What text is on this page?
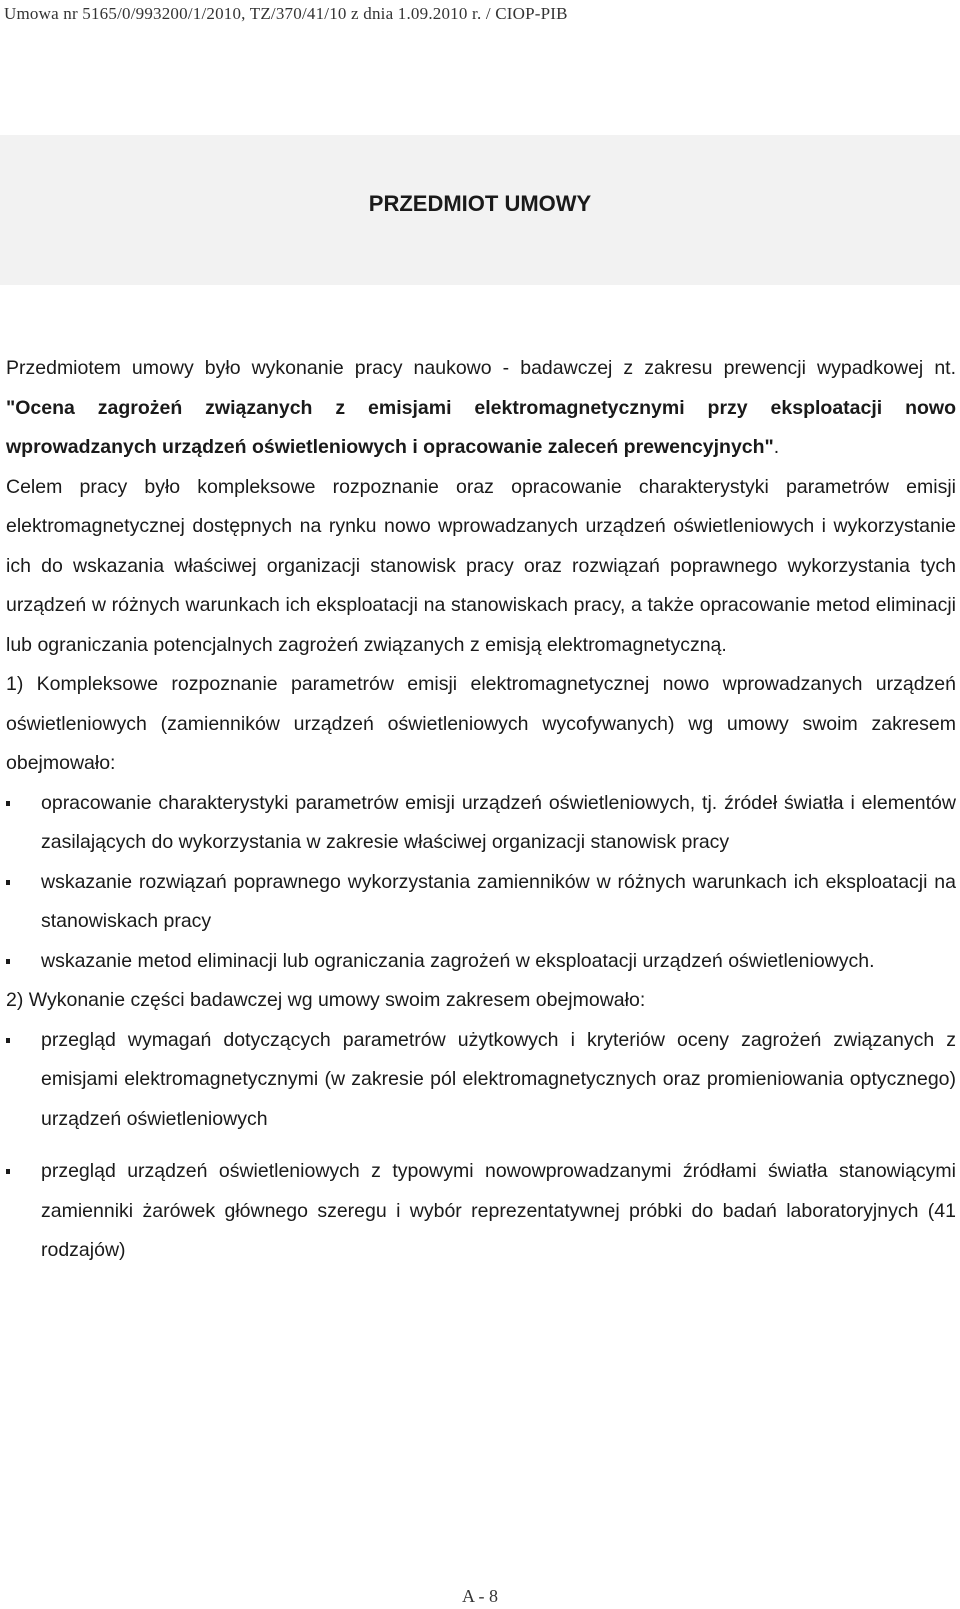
Umowa nr 5165/0/993200/1/2010, TZ/370/41/10 z dnia 1.09.2010 r. / CIOP-PIB
PRZEDMIOT UMOWY

Przedmiotem umowy było wykonanie pracy naukowo - badawczej z zakresu prewencji wypadkowej nt. "Ocena zagrożeń związanych z emisjami elektromagnetycznymi przy eksploatacji nowo wprowadzanych urządzeń oświetleniowych i opracowanie zaleceń prewencyjnych".

Celem pracy było kompleksowe rozpoznanie oraz opracowanie charakterystyki parametrów emisji elektromagnetycznej dostępnych na rynku nowo wprowadzanych urządzeń oświetleniowych i wykorzystanie ich do wskazania właściwej organizacji stanowisk pracy oraz rozwiązań poprawnego wykorzystania tych urządzeń w różnych warunkach ich eksploatacji na stanowiskach pracy, a także opracowanie metod eliminacji lub ograniczania potencjalnych zagrożeń związanych z emisją elektromagnetyczną.

1) Kompleksowe rozpoznanie parametrów emisji elektromagnetycznej nowo wprowadzanych urządzeń oświetleniowych (zamienników urządzeń oświetleniowych wycofywanych) wg umowy swoim zakresem obejmowało:

opracowanie charakterystyki parametrów emisji urządzeń oświetleniowych, tj. źródeł światła i elementów zasilających do wykorzystania w zakresie właściwej organizacji stanowisk pracy
wskazanie rozwiązań poprawnego wykorzystania zamienników w różnych warunkach ich eksploatacji na stanowiskach pracy
wskazanie metod eliminacji lub ograniczania zagrożeń w eksploatacji urządzeń oświetleniowych.

2) Wykonanie części badawczej wg umowy swoim zakresem obejmowało:

przegląd wymagań dotyczących parametrów użytkowych i kryteriów oceny zagrożeń związanych z emisjami elektromagnetycznymi (w zakresie pól elektromagnetycznych oraz promieniowania optycznego) urządzeń oświetleniowych
przegląd urządzeń oświetleniowych z typowymi nowowprowadzanymi źródłami światła stanowiącymi zamienniki żarówek głównego szeregu i wybór reprezentatywnej próbki do badań laboratoryjnych (41 rodzajów)
A - 8
